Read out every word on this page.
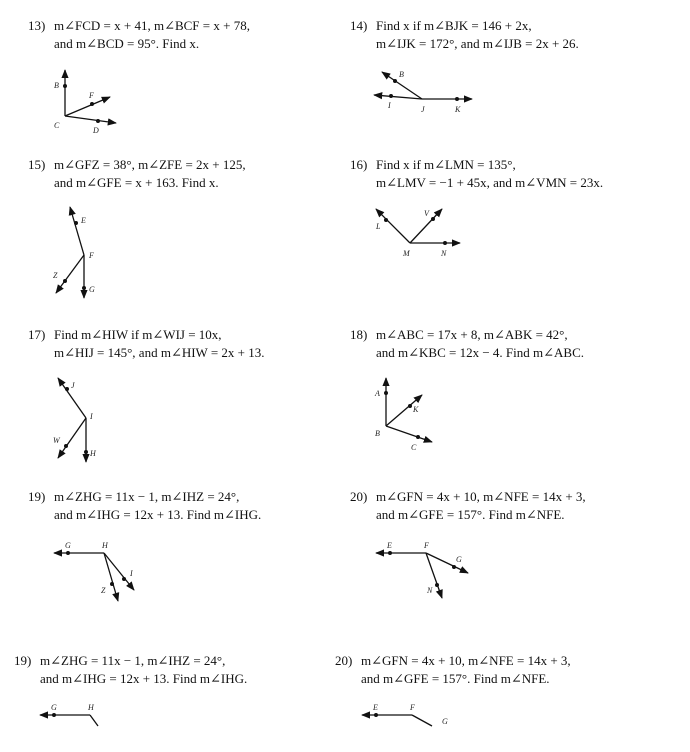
13) m∠FCD = x + 41, m∠BCF = x + 78,
and m∠BCD = 95°. Find x.
B
F
C
D
14) Find x if m∠BJK = 146 + 2x,
m∠IJK = 172°, and m∠IJB = 2x + 26.
B
I	J	K
15) m∠GFZ = 38°, m∠ZFE = 2x + 125,
and m∠GFE = x + 163. Find x.
E
F
Z
G
16) Find x if m∠LMN = 135°,
m∠LMV = −1 + 45x, and m∠VMN = 23x.
L
V
M	N
17) Find m∠HIW if m∠WIJ = 10x,
m∠HIJ = 145°, and m∠HIW = 2x + 13.
J
I
W
H
18) m∠ABC = 17x + 8, m∠ABK = 42°,
and m∠KBC = 12x − 4. Find m∠ABC.
A
K
B
C
19) m∠ZHG = 11x − 1, m∠IHZ = 24°,
and m∠IHG = 12x + 13. Find m∠IHG.
G	H
Z
I
20) m∠GFN = 4x + 10, m∠NFE = 14x + 3,
and m∠GFE = 157°. Find m∠NFE.
E	F
G
N
19) m∠ZHG = 11x − 1, m∠IHZ = 24°,
and m∠IHG = 12x + 13. Find m∠IHG.
G	H
20) m∠GFN = 4x + 10, m∠NFE = 14x + 3,
and m∠GFE = 157°. Find m∠NFE.
E	F
G
